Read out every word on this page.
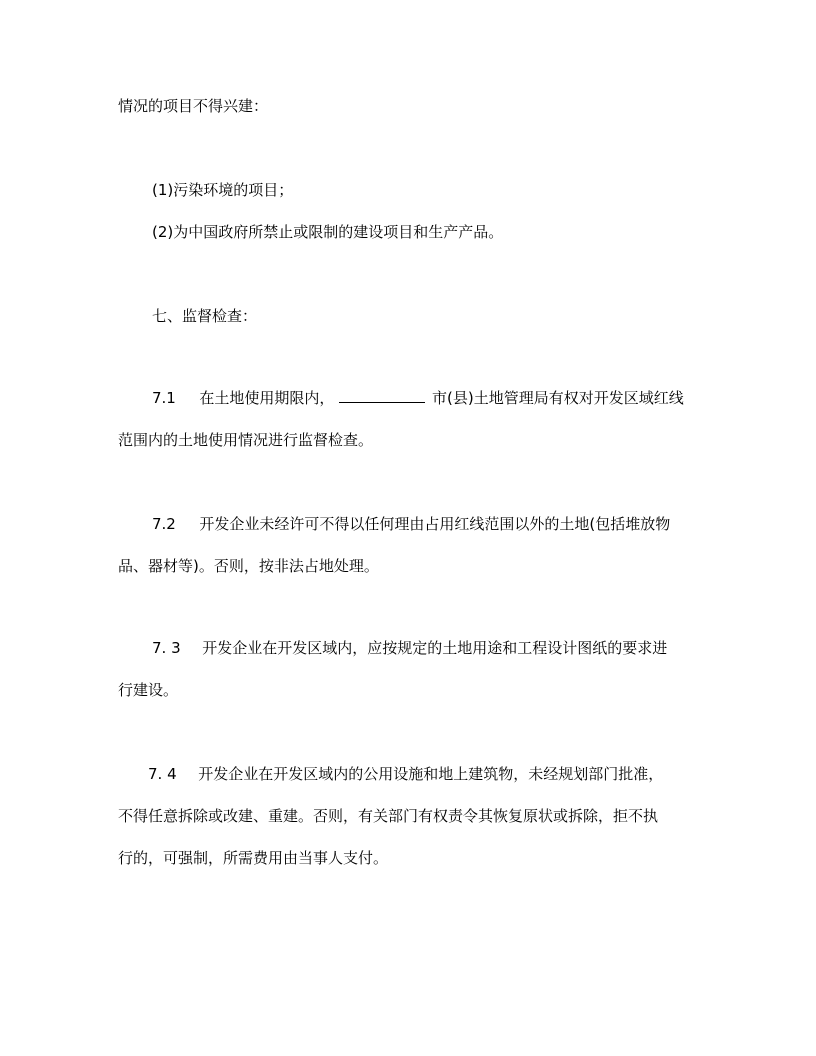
情况的项目不得兴建：

(1)污染环境的项目；

(2)为中国政府所禁止或限制的建设项目和生产产品。

七、监督检查：

7.1 在土地使用期限内，	市(县)土地管理局有权对开发区域红线

范围内的土地使用情况进行监督检查。

7.2 开发企业未经许可不得以任何理由占用红线范围以外的土地(包括堆放物

品、器材等)。否则，按非法占地处理。

7. 3 开发企业在开发区域内，应按规定的土地用途和工程设计图纸的要求进

行建设。

7. 4 开发企业在开发区域内的公用设施和地上建筑物，未经规划部门批准，

不得任意拆除或改建、重建。否则，有关部门有权责令其恢复原状或拆除，拒不执

行的，可强制，所需费用由当事人支付。
